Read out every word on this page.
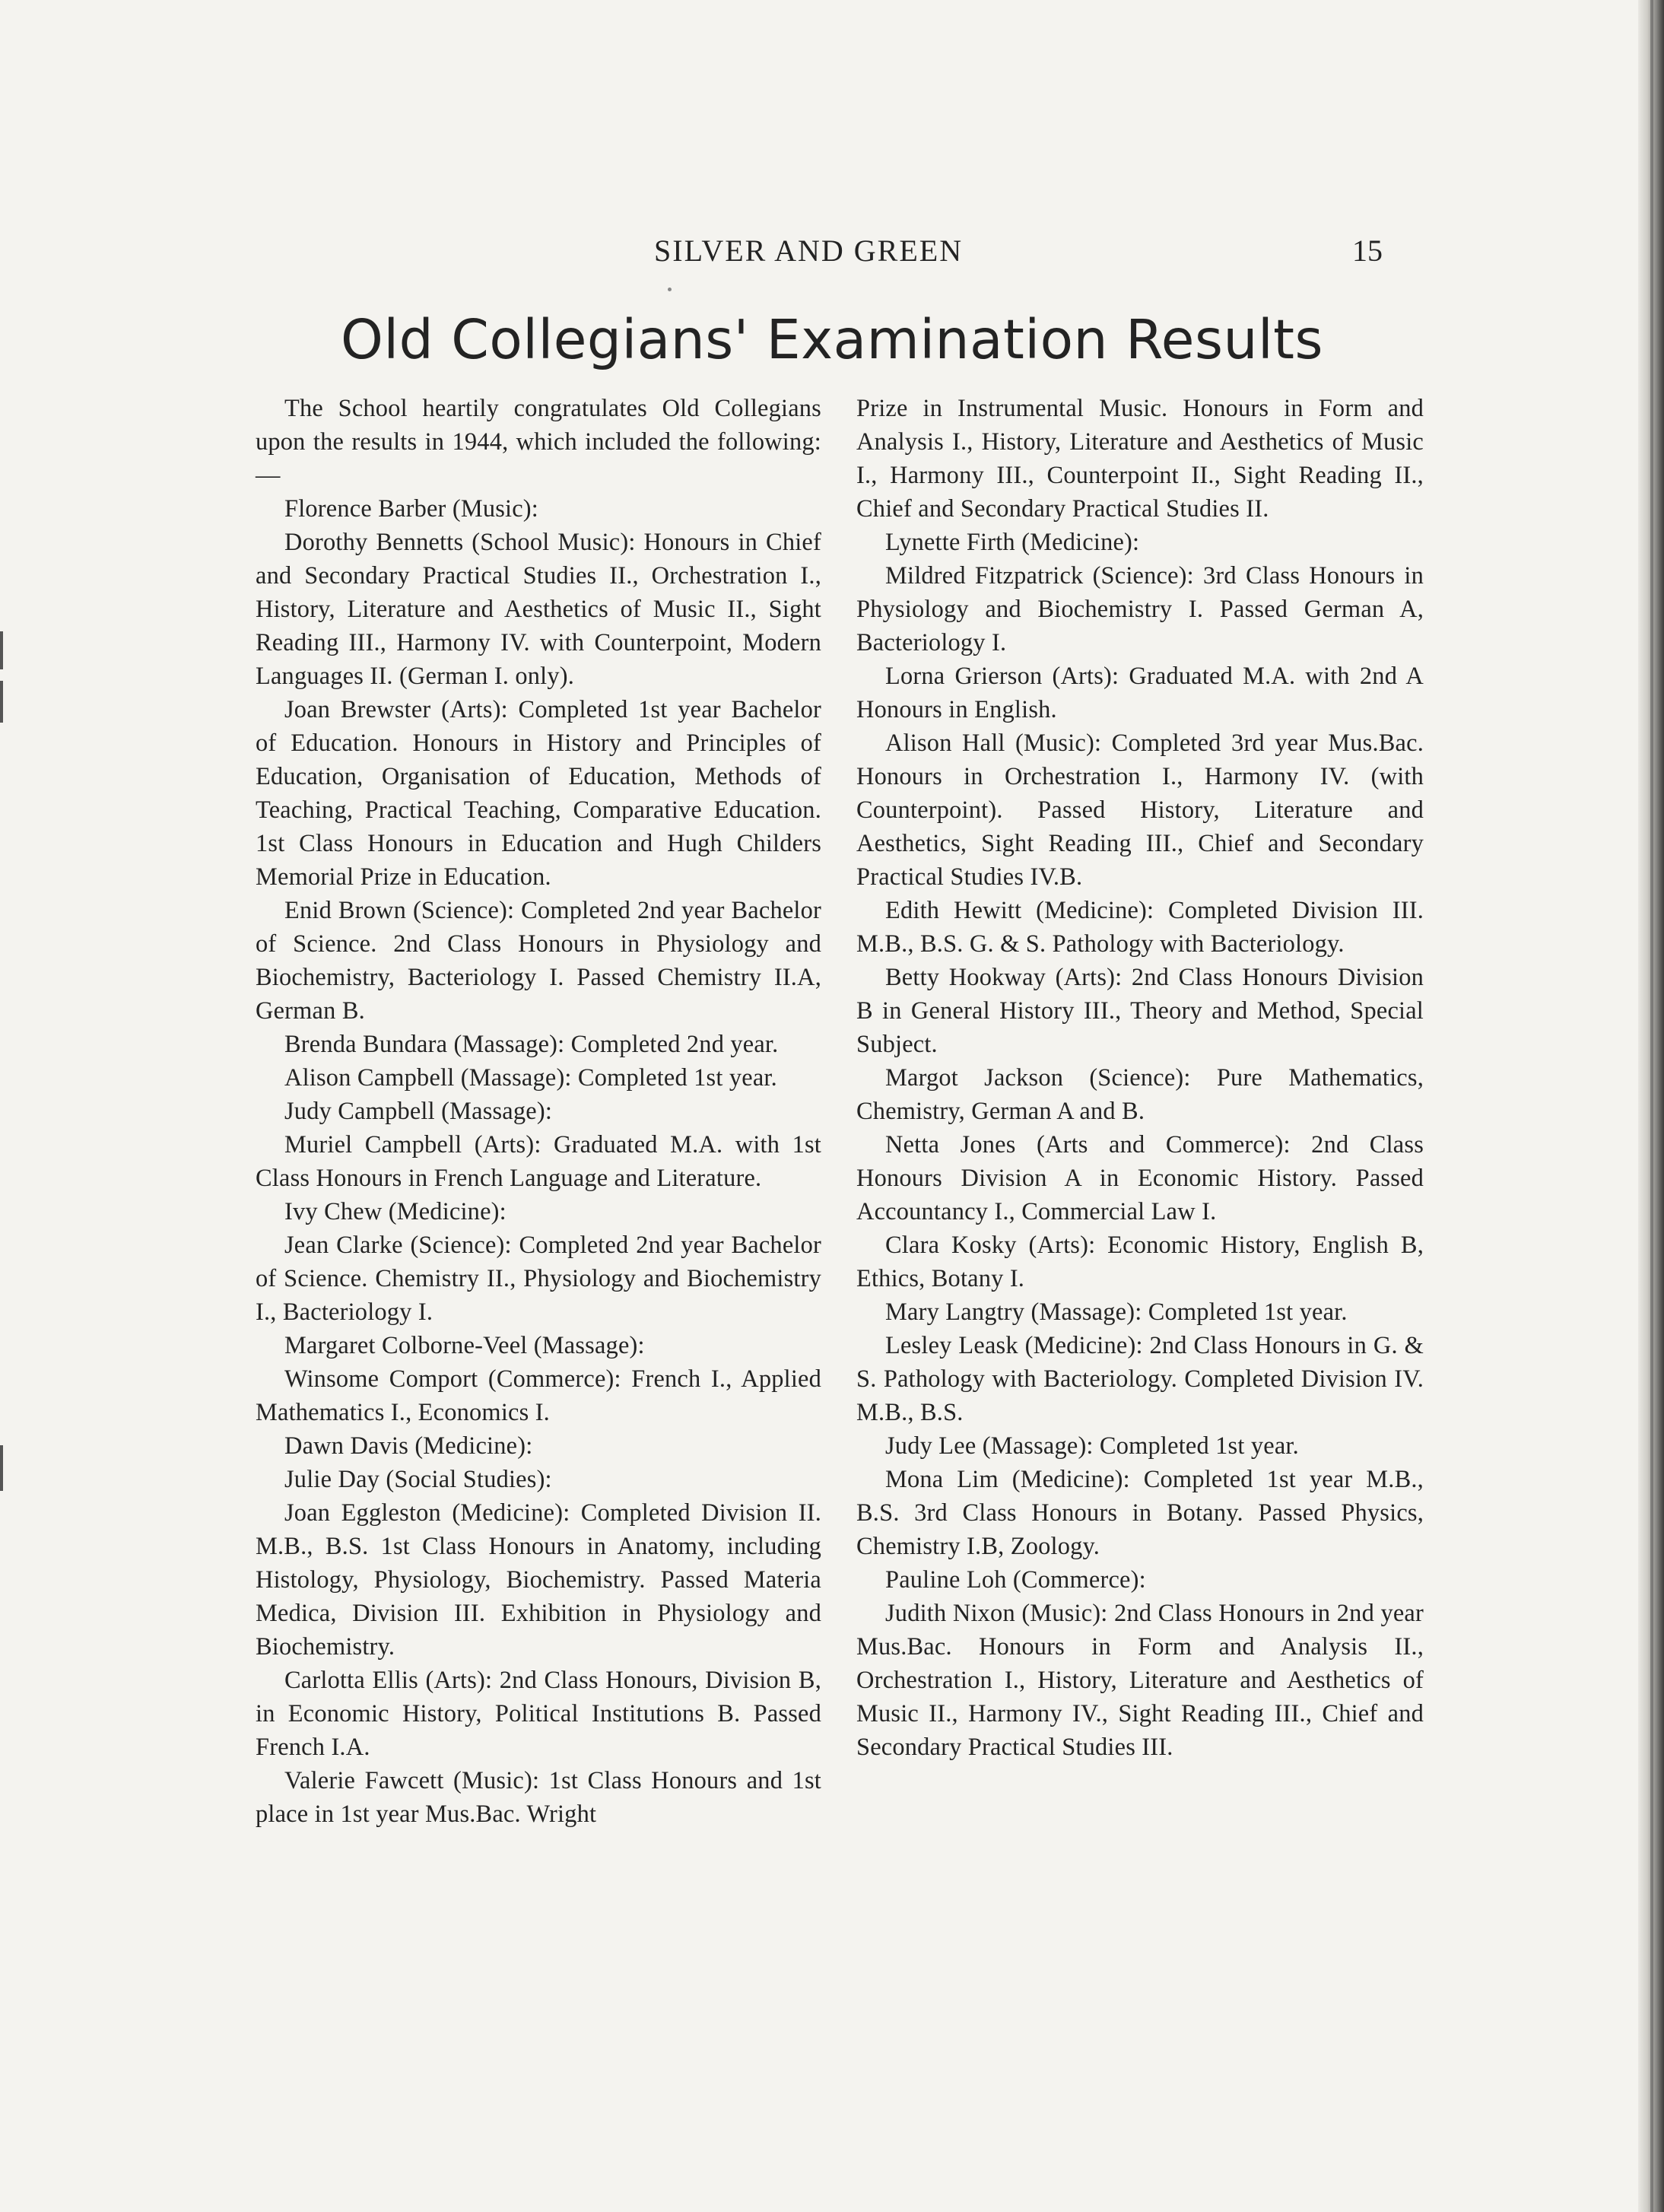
SILVER AND GREEN	15
Old Collegians' Examination Results

The School heartily congratulates Old Collegians upon the results in 1944, which included the following:—

Florence Barber (Music):

Dorothy Bennetts (School Music): Honours in Chief and Secondary Practical Studies II., Orchestration I., History, Literature and Aesthetics of Music II., Sight Reading III., Harmony IV. with Counterpoint, Modern Languages II. (German I. only).

Joan Brewster (Arts): Completed 1st year Bachelor of Education. Honours in History and Principles of Education, Organisation of Education, Methods of Teaching, Practical Teaching, Comparative Education. 1st Class Honours in Education and Hugh Childers Memorial Prize in Education.

Enid Brown (Science): Completed 2nd year Bachelor of Science. 2nd Class Honours in Physiology and Biochemistry, Bacteriology I. Passed Chemistry II.A, German B.

Brenda Bundara (Massage): Completed 2nd year.

Alison Campbell (Massage): Completed 1st year.

Judy Campbell (Massage):

Muriel Campbell (Arts): Graduated M.A. with 1st Class Honours in French Language and Literature.

Ivy Chew (Medicine):

Jean Clarke (Science): Completed 2nd year Bachelor of Science. Chemistry II., Physiology and Biochemistry I., Bacteriology I.

Margaret Colborne-Veel (Massage):

Winsome Comport (Commerce): French I., Applied Mathematics I., Economics I.

Dawn Davis (Medicine):

Julie Day (Social Studies):

Joan Eggleston (Medicine): Completed Division II. M.B., B.S. 1st Class Honours in Anatomy, including Histology, Physiology, Biochemistry. Passed Materia Medica, Division III. Exhibition in Physiology and Biochemistry.

Carlotta Ellis (Arts): 2nd Class Honours, Division B, in Economic History, Political Institutions B. Passed French I.A.

Valerie Fawcett (Music): 1st Class Honours and 1st place in 1st year Mus.Bac. Wright

Prize in Instrumental Music. Honours in Form and Analysis I., History, Literature and Aesthetics of Music I., Harmony III., Counterpoint II., Sight Reading II., Chief and Secondary Practical Studies II.

Lynette Firth (Medicine):

Mildred Fitzpatrick (Science): 3rd Class Honours in Physiology and Biochemistry I. Passed German A, Bacteriology I.

Lorna Grierson (Arts): Graduated M.A. with 2nd A Honours in English.

Alison Hall (Music): Completed 3rd year Mus.Bac. Honours in Orchestration I., Harmony IV. (with Counterpoint). Passed History, Literature and Aesthetics, Sight Reading III., Chief and Secondary Practical Studies IV.B.

Edith Hewitt (Medicine): Completed Division III. M.B., B.S. G. & S. Pathology with Bacteriology.

Betty Hookway (Arts): 2nd Class Honours Division B in General History III., Theory and Method, Special Subject.

Margot Jackson (Science): Pure Mathematics, Chemistry, German A and B.

Netta Jones (Arts and Commerce): 2nd Class Honours Division A in Economic History. Passed Accountancy I., Commercial Law I.

Clara Kosky (Arts): Economic History, English B, Ethics, Botany I.

Mary Langtry (Massage): Completed 1st year.

Lesley Leask (Medicine): 2nd Class Honours in G. & S. Pathology with Bacteriology. Completed Division IV. M.B., B.S.

Judy Lee (Massage): Completed 1st year.

Mona Lim (Medicine): Completed 1st year M.B., B.S. 3rd Class Honours in Botany. Passed Physics, Chemistry I.B, Zoology.

Pauline Loh (Commerce):

Judith Nixon (Music): 2nd Class Honours in 2nd year Mus.Bac. Honours in Form and Analysis II., Orchestration I., History, Literature and Aesthetics of Music II., Harmony IV., Sight Reading III., Chief and Secondary Practical Studies III.
